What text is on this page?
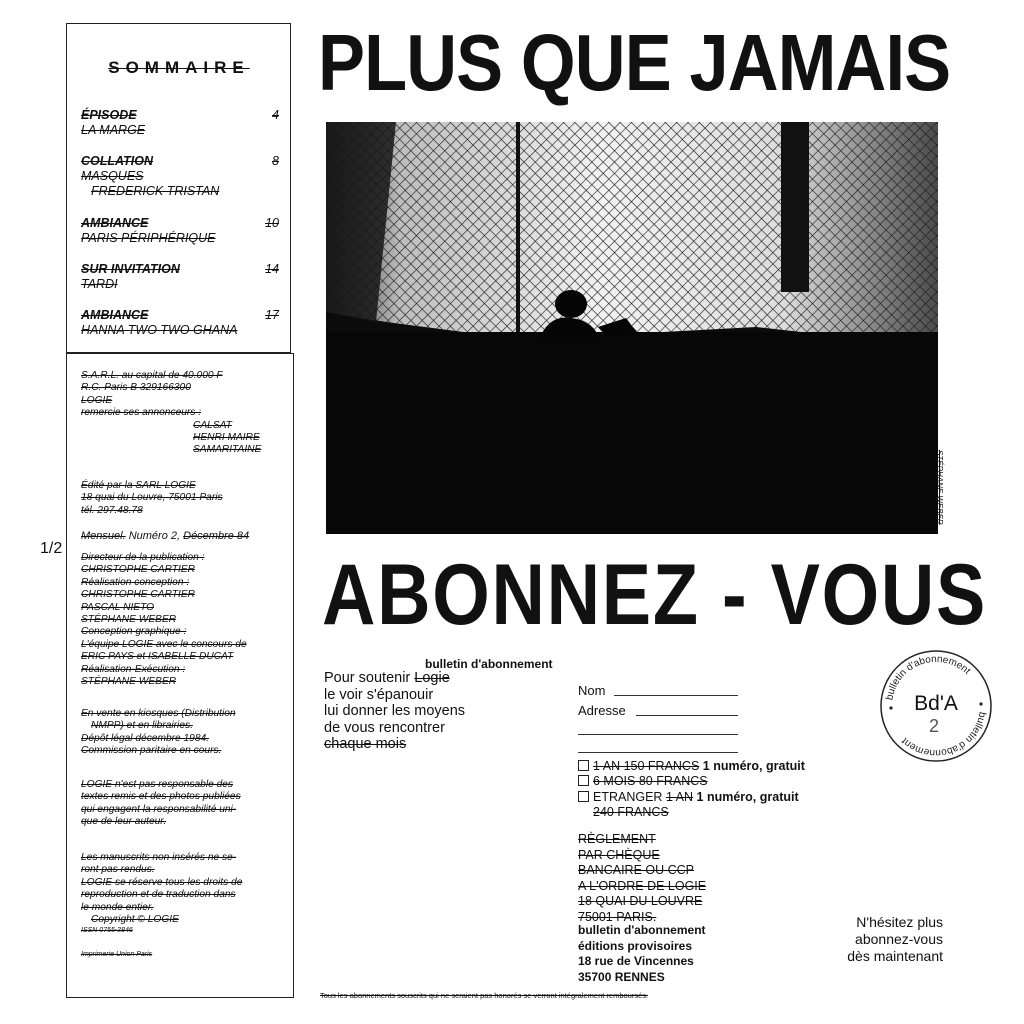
SOMMAIRE
ÉPISODE	4
LA MARGE
COLLATION	8
MASQUES
FREDERICK TRISTAN
AMBIANCE	10
PARIS PÉRIPHÉRIQUE
SUR INVITATION	14
TARDI
AMBIANCE	17
HANNA TWO TWO GHANA
S.A.R.L. au capital de 40.000 F
R.C. Paris B 329166300
LOGIE
remercie ses annonceurs :
CALSAT
HENRI MAIRE
SAMARITAINE
Édité par la SARL LOGIE
18 quai du Louvre, 75001 Paris
tél. 297.48.78
Mensuel. Numéro 2, Décembre 84
Directeur de la publication :
CHRISTOPHE CARTIER
Réalisation conception :
CHRISTOPHE CARTIER
PASCAL NIETO
STÉPHANE WEBER
Conception graphique :
L'équipe LOGIE avec le concours de
ERIC PAYS et ISABELLE DUCAT
Réalisation-Exécution :
STÉPHANE WEBER
En vente en kiosques (Distribution
NMPP) et en librairies.
Dépôt légal décembre 1984.
Commission paritaire en cours.
LOGIE n'est pas responsable des
textes remis et des photos publiées
qui engagent la responsabilité uni-
que de leur auteur.
Les manuscrits non insérés ne se-
ront pas rendus.
LOGIE se réserve tous les droits de
reproduction et de traduction dans
le monde entier.
Copyright © LOGIE
ISSN 0755-3846
Imprimerie Union Paris
1/2
PLUS QUE JAMAIS
STÉPHANE WEBER
ABONNEZ - VOUS
bulletin d'abonnement
Pour soutenir Logie
le voir s'épanouir
lui donner les moyens
de vous rencontrer
chaque mois
Nom
Adresse
1 AN 150 FRANCS 1 numéro, gratuit
6 MOIS 80 FRANCS
ETRANGER 1 AN 1 numéro, gratuit
240 FRANCS
RÈGLEMENT
PAR CHÈQUE
BANCAIRE OU CCP
A L'ORDRE DE LOGIE
18 QUAI DU LOUVRE
75001 PARIS.
bulletin d'abonnement
éditions provisoires
18 rue de Vincennes
35700 RENNES
N'hésitez plus
abonnez-vous
dès maintenant
Tous les abonnements souscrits qui ne seraient pas honorés se verront intégralement remboursés.
bulletin d'abonnement
bulletin d'abonnement
Bd'A
2
